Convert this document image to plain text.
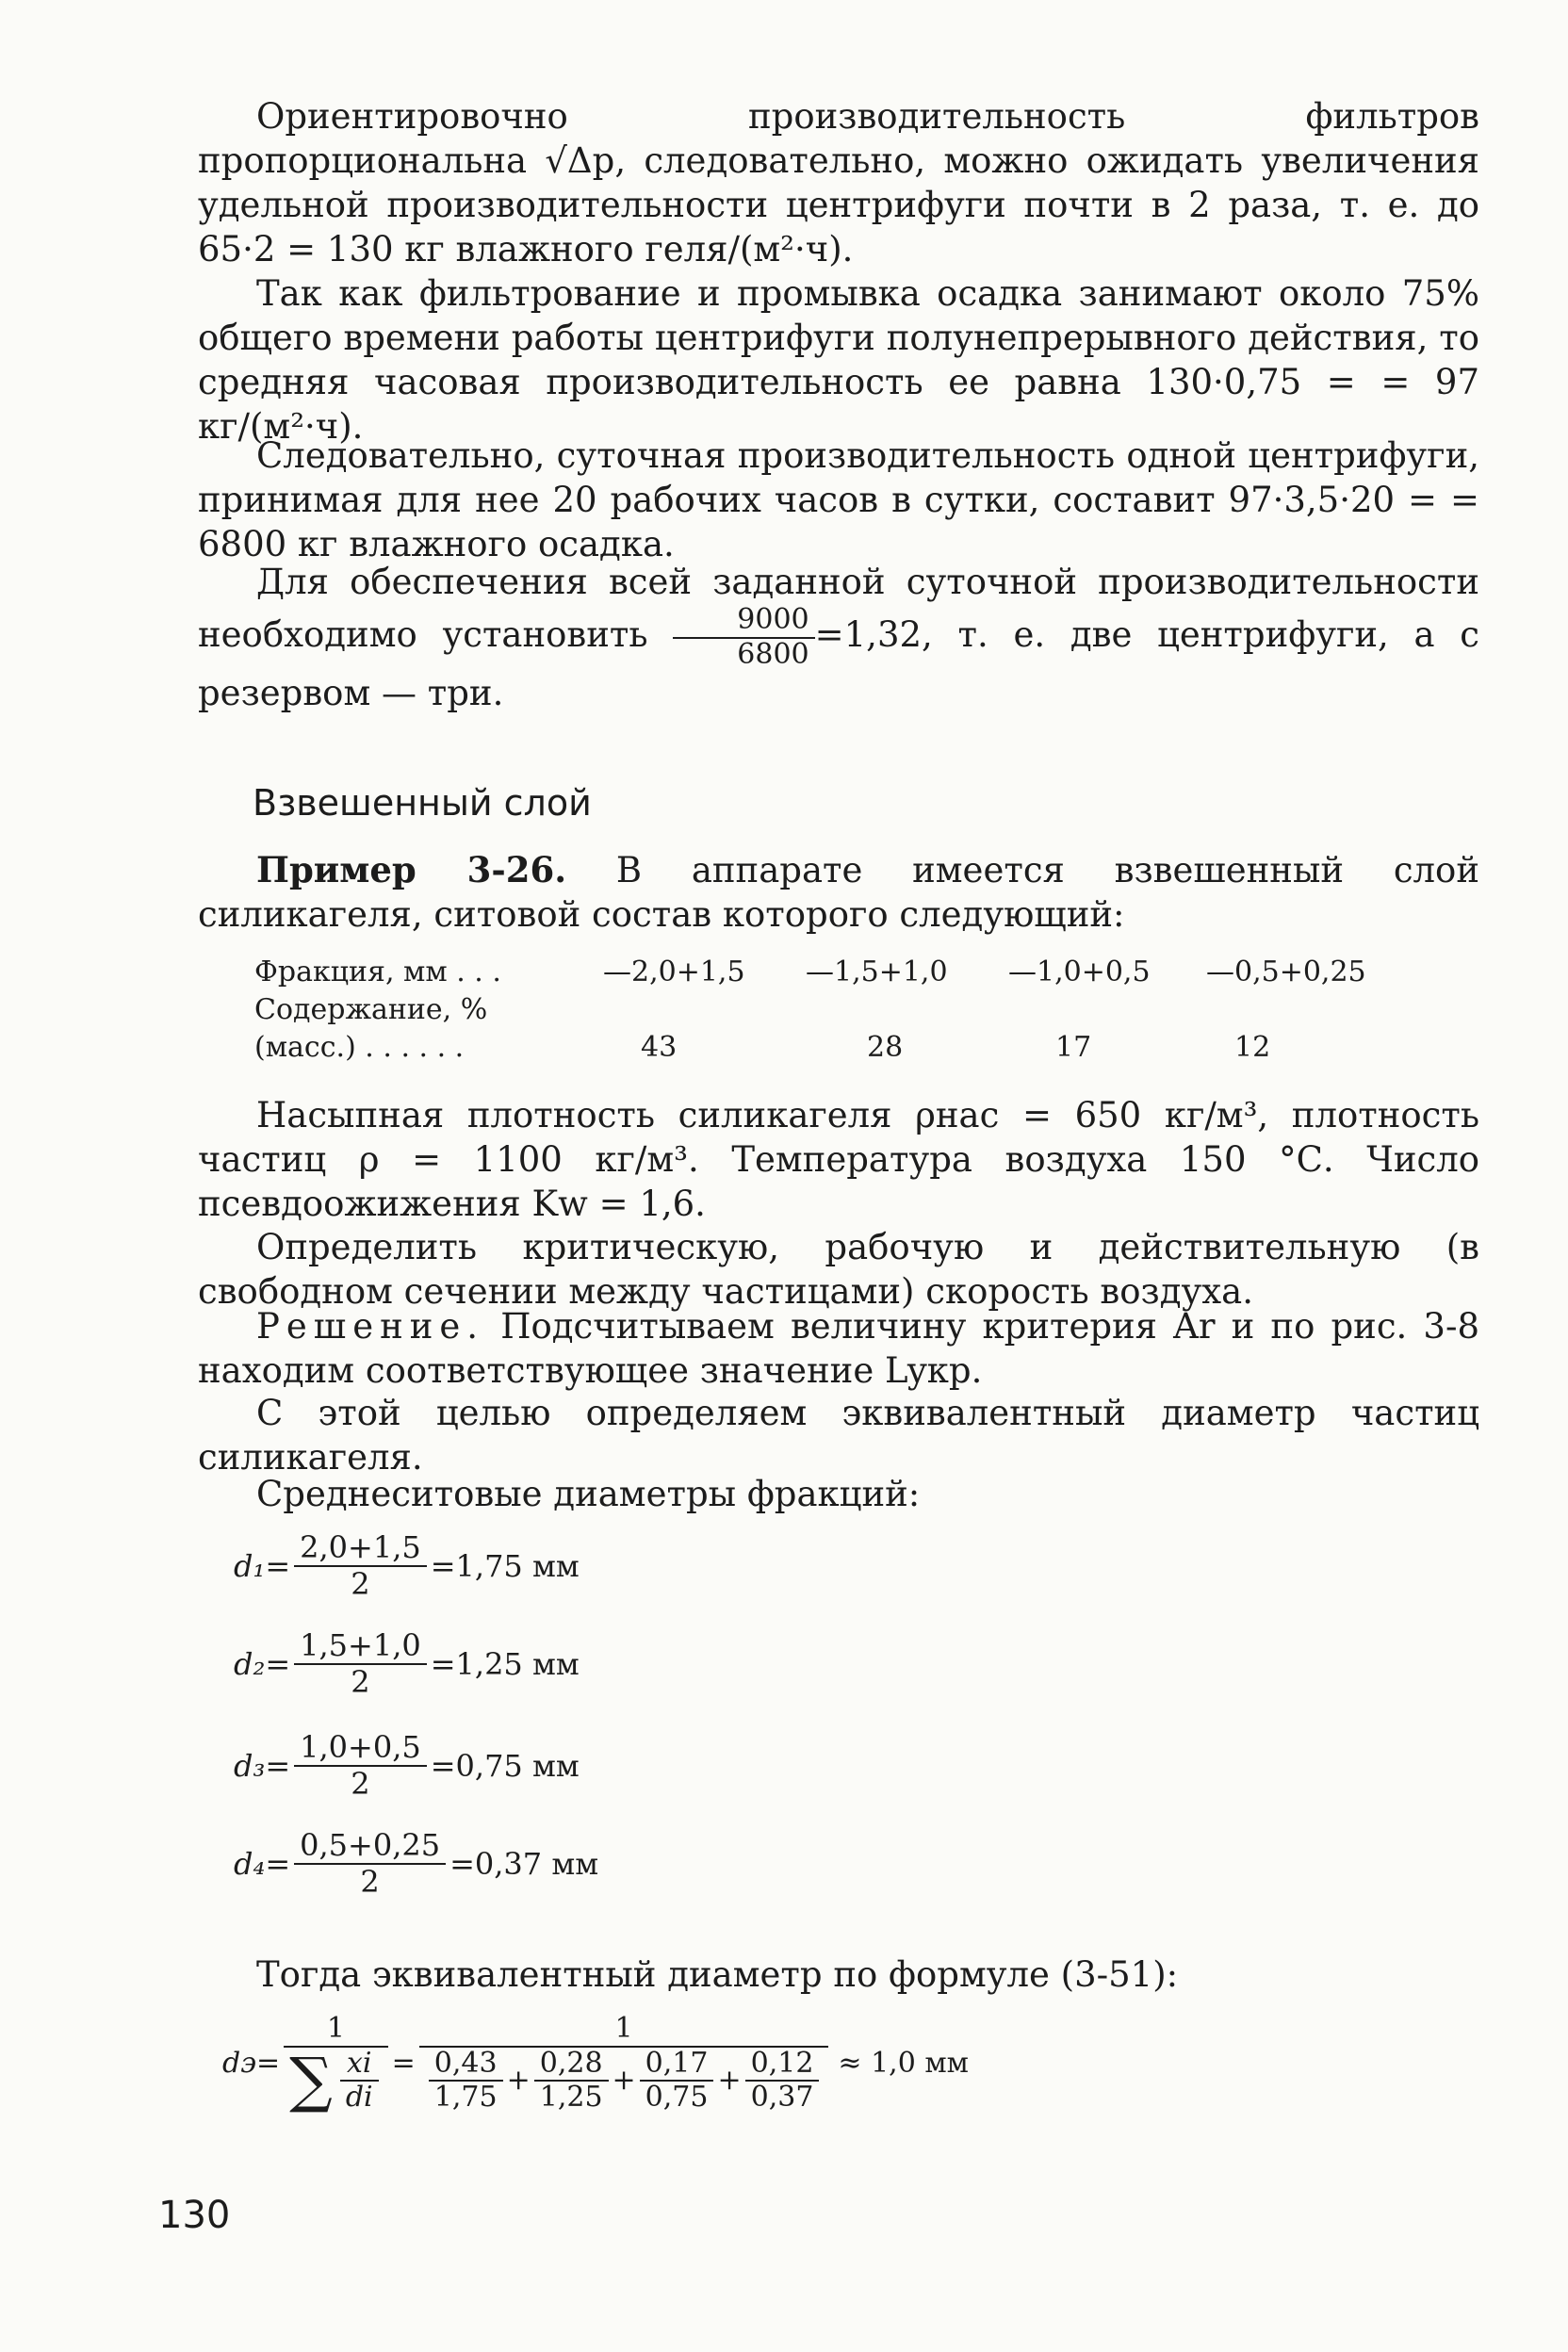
Ориентировочно производительность фильтров пропорциональна √Δp, следовательно, можно ожидать увеличения удельной производительности центрифуги почти в 2 раза, т. е. до 65·2 = 130 кг влажного геля/(м²·ч).
Так как фильтрование и промывка осадка занимают около 75% общего времени работы центрифуги полунепрерывного действия, то средняя часовая производительность ее равна 130·0,75 = = 97 кг/(м²·ч).
Следовательно, суточная производительность одной центрифуги, принимая для нее 20 рабочих часов в сутки, составит 97·3,5·20 = = 6800 кг влажного осадка.
Для обеспечения всей заданной суточной производительности необходимо установить $\frac{9000}{6800} =1,32$, т. е. две центрифуги, а с резервом — три.
Взвешенный слой
Пример 3-26. В аппарате имеется взвешенный слой силикагеля, ситовой состав которого следующий:
Фракция, мм . . .	—2,0+1,5 —1,5+1,0 —1,0+0,5 —0,5+0,25
Содержание, %
(масс.) . . . . . .	43	28	17	12
Насыпная плотность силикагеля ρнас = 650 кг/м³, плотность частиц ρ = 1100 кг/м³. Температура воздуха 150 °С. Число псевдоожижения Kw = 1,6.
Определить критическую, рабочую и действительную (в свободном сечении между частицами) скорость воздуха.
Решение. Подсчитываем величину критерия Ar и по рис. 3-8 находим соответствующее значение Lyкр.
С этой целью определяем эквивалентный диаметр частиц силикагеля.
Среднеситовые диаметры фракций:
$d_1= \frac{2,0+1,5}{2} =1,75$ мм
$d_2= \frac{1,5+1,0}{2} =1,25$ мм
$d_3= \frac{1,0+0,5}{2} =0,75$ мм
$d_4= \frac{0,5+0,25}{2} =0,37$ мм
Тогда эквивалентный диаметр по формуле (3-51):
$dэ= \frac{1}{\sum \frac{xi}{di}}$ =
1
$\frac{0,43}{1,75} + \frac{0,28}{1,25} + \frac{0,17}{0,75} + \frac{0,12}{0,37} \approx 1,0$ мм
130
